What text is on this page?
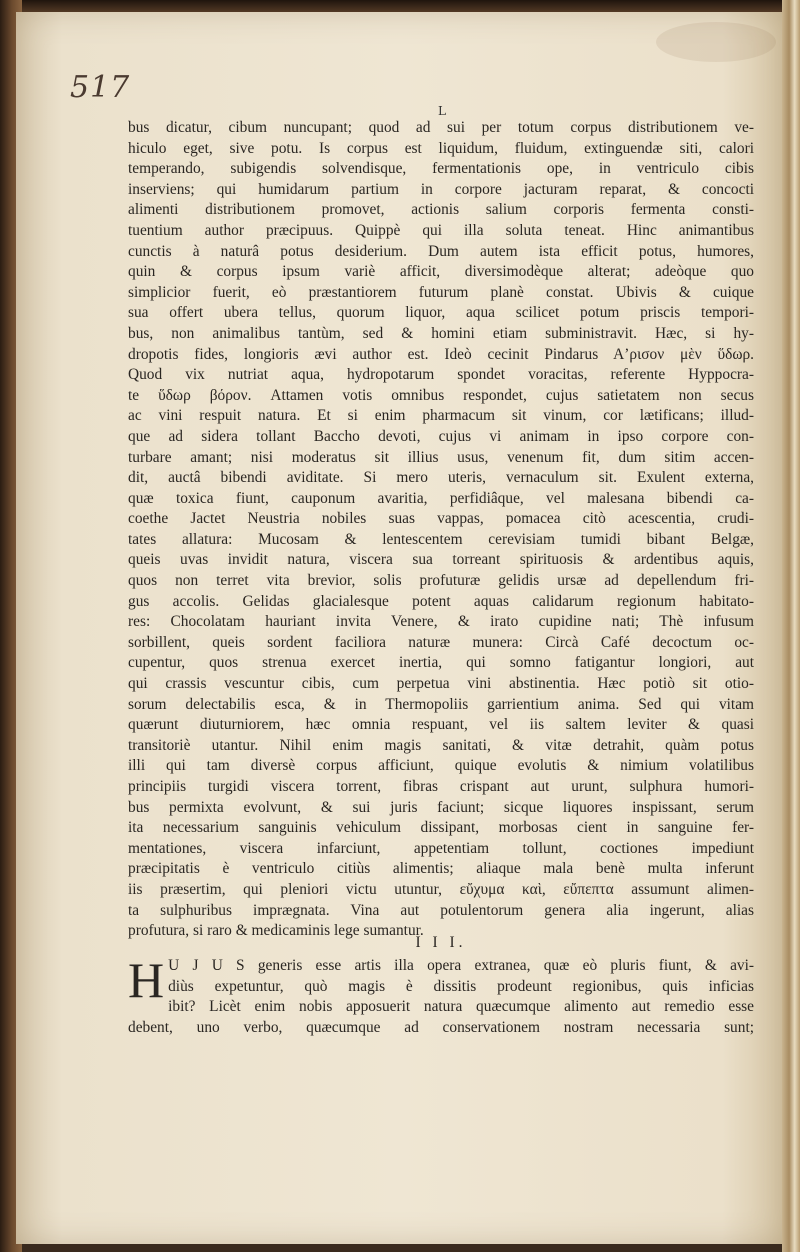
517
L
bus dicatur, cibum nuncupant; quod ad sui per totum corpus distributionem ve-
hiculo eget, sive potu. Is corpus est liquidum, fluidum, extinguendæ siti, calori
temperando, subigendis solvendisque, fermentationis ope, in ventriculo cibis
inserviens; qui humidarum partium in corpore jacturam reparat, & concocti
alimenti distributionem promovet, actionis salium corporis fermenta consti-
tuentium author præcipuus. Quippè qui illa soluta teneat. Hinc animantibus
cunctis à naturâ potus desiderium. Dum autem ista efficit potus, humores,
quin & corpus ipsum variè afficit, diversimodèque alterat; adeòque quo
simplicior fuerit, eò præstantiorem futurum planè constat. Ubivis & cuique
sua offert ubera tellus, quorum liquor, aqua scilicet potum priscis tempori-
bus, non animalibus tantùm, sed & homini etiam subministravit. Hæc, si hy-
dropotis fides, longioris ævi author est. Ideò cecinit Pindarus Aʼρισον μὲν ὕδωρ.
Quod vix nutriat aqua, hydropotarum spondet voracitas, referente Hyppocra-
te ὕδωρ βόρον. Attamen votis omnibus respondet, cujus satietatem non secus
ac vini respuit natura. Et si enim pharmacum sit vinum, cor lætificans; illud-
que ad sidera tollant Baccho devoti, cujus vi animam in ipso corpore con-
turbare amant; nisi moderatus sit illius usus, venenum fit, dum sitim accen-
dit, auctâ bibendi aviditate. Si mero uteris, vernaculum sit. Exulent externa,
quæ toxica fiunt, cauponum avaritia, perfidiâque, vel malesana bibendi ca-
coethe Jactet Neustria nobiles suas vappas, pomacea citò acescentia, crudi-
tates allatura: Mucosam & lentescentem cerevisiam tumidi bibant Belgæ,
queis uvas invidit natura, viscera sua torreant spirituosis & ardentibus aquis,
quos non terret vita brevior, solis profuturæ gelidis ursæ ad depellendum fri-
gus accolis. Gelidas glacialesque potent aquas calidarum regionum habitato-
res: Chocolatam hauriant invita Venere, & irato cupidine nati; Thè infusum
sorbillent, queis sordent faciliora naturæ munera: Circà Café decoctum oc-
cupentur, quos strenua exercet inertia, qui somno fatigantur longiori, aut
qui crassis vescuntur cibis, cum perpetua vini abstinentia. Hæc potiò sit otio-
sorum delectabilis esca, & in Thermopoliis garrientium anima. Sed qui vitam
quærunt diuturniorem, hæc omnia respuant, vel iis saltem leviter & quasi
transitoriè utantur. Nihil enim magis sanitati, & vitæ detrahit, quàm potus
illi qui tam diversè corpus afficiunt, quique evolutis & nimium volatilibus
principiis turgidi viscera torrent, fibras crispant aut urunt, sulphura humori-
bus permixta evolvunt, & sui juris faciunt; sicque liquores inspissant, serum
ita necessarium sanguinis vehiculum dissipant, morbosas cient in sanguine fer-
mentationes, viscera infarciunt, appetentiam tollunt, coctiones impediunt
præcipitatis è ventriculo citiùs alimentis; aliaque mala benè multa inferunt
iis præsertim, qui pleniori victu utuntur, εὔχυμα καὶ, εὔπεπτα assumunt alimen-
ta sulphuribus imprægnata. Vina aut potulentorum genera alia ingerunt, alias
profutura, si raro & medicaminis lege sumantur.
I I I.
H U J U S generis esse artis illa opera extranea, quæ eò pluris fiunt, & avi-
diùs expetuntur, quò magis è dissitis prodeunt regionibus, quis inficias
ibit? Licèt enim nobis apposuerit natura quæcumque alimento aut remedio esse
debent, uno verbo, quæcumque ad conservationem nostram necessaria sunt;
